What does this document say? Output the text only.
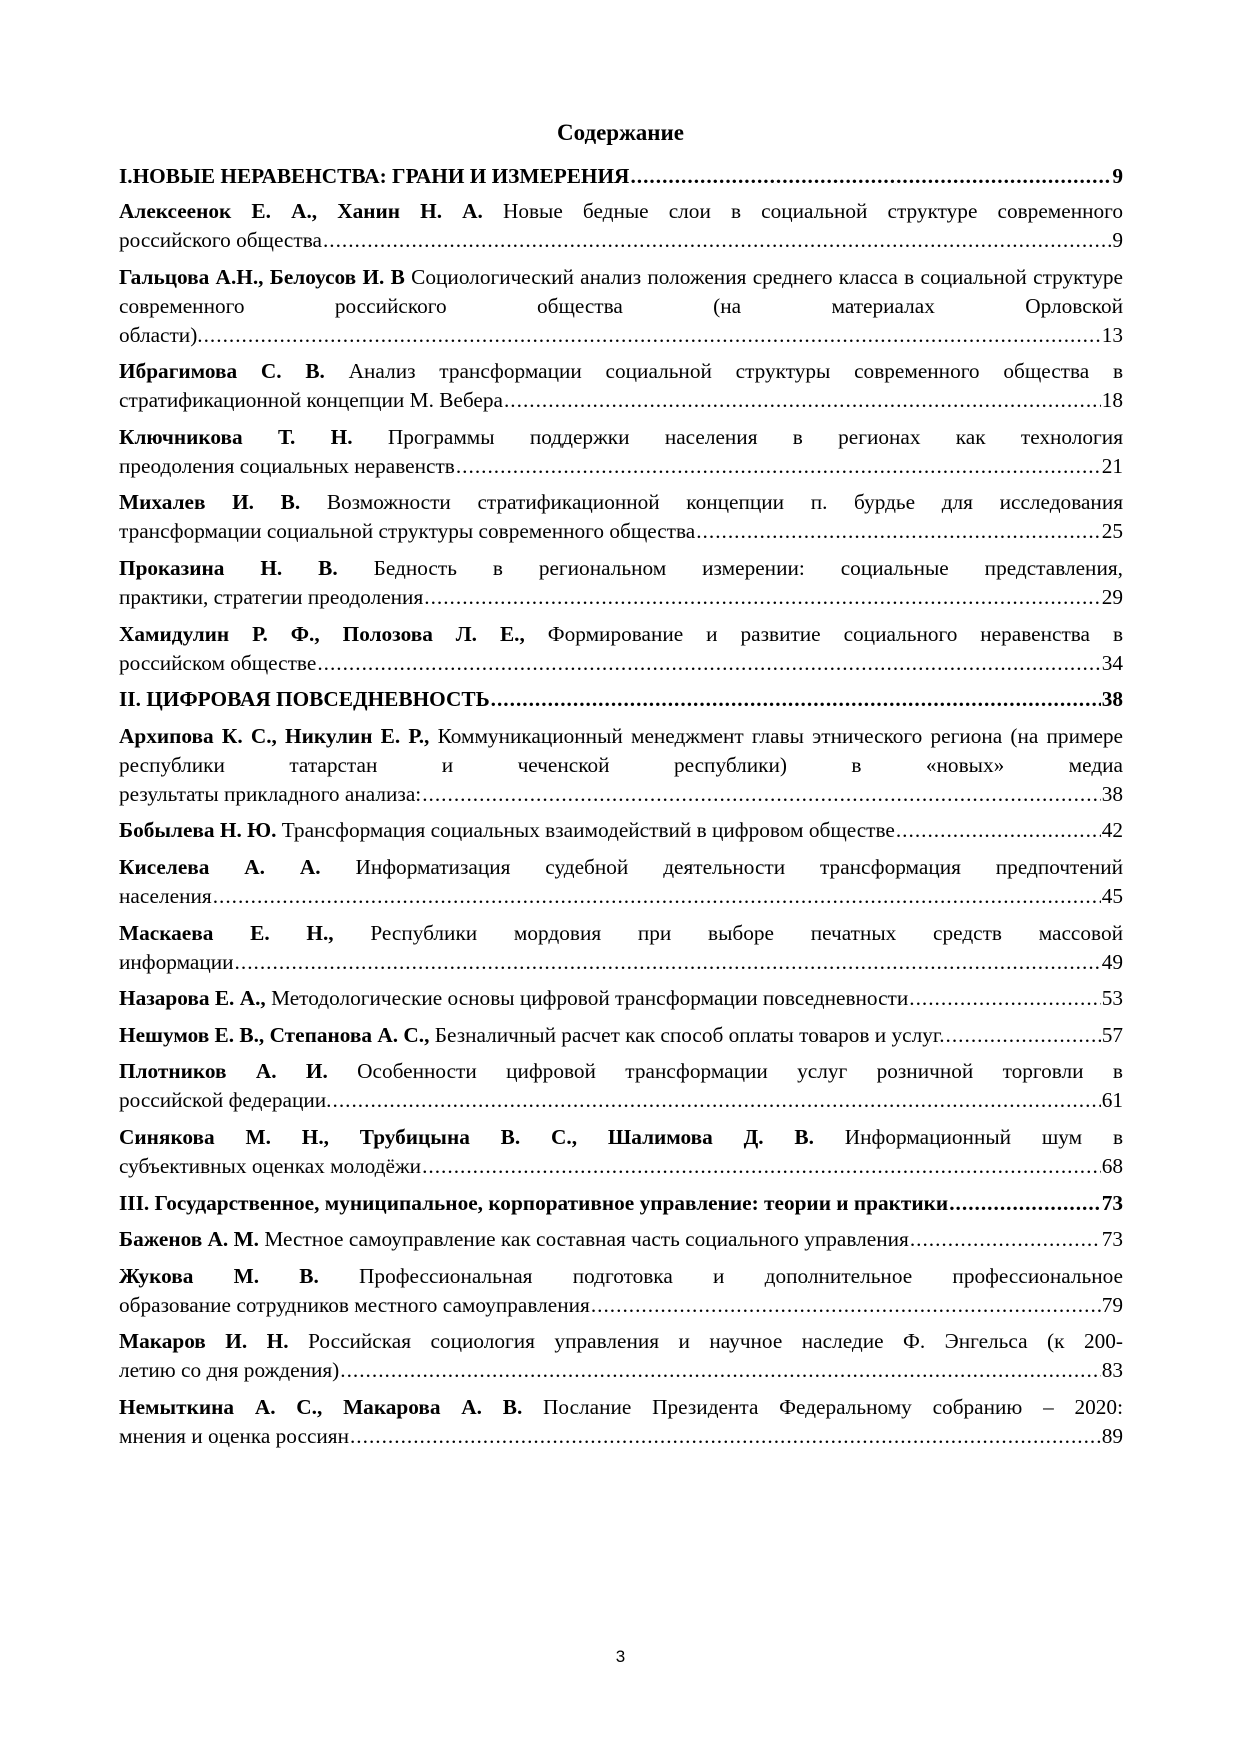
Содержание
I.НОВЫЕ НЕРАВЕНСТВА: ГРАНИ И ИЗМЕРЕНИЯ .....	9
Алексеенок Е. А., Ханин Н. А. Новые бедные слои в социальной структуре современного
российского общества .....	9
Гальцова А.Н., Белоусов И. В Социологический анализ положения среднего класса в социальной структуре современного российского общества (на материалах Орловской
области). .....	13
Ибрагимова С. В. Анализ трансформации социальной структуры современного общества в
стратификационной концепции М. Вебера .....	18
Ключникова Т. Н. Программы поддержки населения в регионах как технология
преодоления социальных неравенств .....	21
Михалев И. В. Возможности стратификационной концепции п. бурдье для исследования
трансформации социальной структуры современного общества .....	25
Проказина Н. В. Бедность в региональном измерении: социальные представления,
практики, стратегии преодоления .....	29
Хамидулин Р. Ф., Полозова Л. Е., Формирование и развитие социального неравенства в
российском обществе .....	34
II. ЦИФРОВАЯ ПОВСЕДНЕВНОСТЬ .....	38
Архипова К. С., Никулин Е. Р., Коммуникационный менеджмент главы этнического региона (на примере республики татарстан и чеченской республики) в «новых» медиа
результаты прикладного анализа: .....	38
Бобылева Н. Ю. Трансформация социальных взаимодействий в цифровом обществе .....	42
Киселева А. А. Информатизация судебной деятельности трансформация предпочтений
населения .....	45
Маскаева Е. Н., Республики мордовия при выборе печатных средств массовой
информации .....	49
Назарова Е. А., Методологические основы цифровой трансформации повседневности .....	53
Нешумов Е. В., Степанова А. С., Безналичный расчет как способ оплаты товаров и услуг. .....	57
Плотников А. И. Особенности цифровой трансформации услуг розничной торговли в
российской федерации. .....	61
Синякова М. Н., Трубицына В. С., Шалимова Д. В. Информационный шум в
субъективных оценках молодёжи .....	68
III. Государственное, муниципальное, корпоративное управление: теории и практики .....	73
Баженов А. М. Местное самоуправление как составная часть социального управления .....	73
Жукова М. В. Профессиональная подготовка и дополнительное профессиональное
образование сотрудников местного самоуправления .....	79
Макаров И. Н. Российская социология управления и научное наследие Ф. Энгельса (к 200-
летию со дня рождения) .....	83
Немыткина А. С., Макарова А. В. Послание Президента Федеральному собранию – 2020:
мнения и оценка россиян .....	89
3
